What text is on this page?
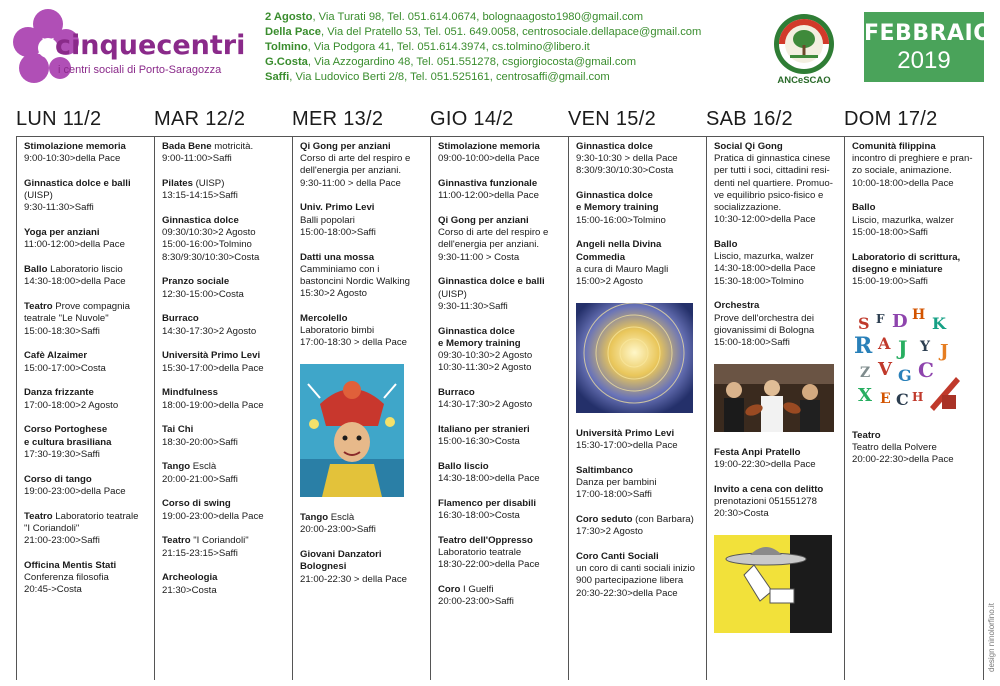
cinquecentri
i centri sociali di Porto-Saragozza
2 Agosto, Via Turati 98, Tel. 051.614.0674, bolognaagosto1980@gmail.com
Della Pace, Via del Pratello 53, Tel. 051. 649.0058, centrosociale.dellapace@gmail.com
Tolmino, Via Podgora 41, Tel. 051.614.3974, cs.tolmino@libero.it
G.Costa, Via Azzogardino 48, Tel. 051.551278, csgiorgiocosta@gmail.com
Saffi, Via Ludovico Berti 2/8, Tel. 051.525161, centrosaffi@gmail.com	ANCeSCAO
FEBBRAIO
2019
LUN 11/2
Stimolazione memoria
9:00-10:30>della Pace
Ginnastica dolce e balli
(UISP)
9:30-11:30>Saffi
Yoga per anziani
11:00-12:00>della Pace
Ballo Laboratorio liscio
14:30-18:00>della Pace
Teatro Prove compagnia
teatrale "Le Nuvole"
15:00-18:30>Saffi
Cafè Alzaimer
15:00-17:00>Costa
Danza frizzante
17:00-18:00>2 Agosto
Corso Portoghese
e cultura brasiliana
17:30-19:30>Saffi
Corso di tango
19:00-23:00>della Pace
Teatro Laboratorio teatrale
"I Coriandoli"
21:00-23:00>Saffi
Officina Mentis Stati
Conferenza filosofia
20:45->Costa
MAR 12/2
Bada Bene motricità.
9:00-11:00>Saffi
Pilates (UISP)
13:15-14:15>Saffi
Ginnastica dolce
09:30/10:30>2 Agosto
15:00-16:00>Tolmino
8:30/9:30/10:30>Costa
Pranzo sociale
12:30-15:00>Costa
Burraco
14:30-17:30>2 Agosto
Università Primo Levi
15:30-17:00>della Pace
Mindfulness
18:00-19:00>della Pace
Tai Chi
18:30-20:00>Saffi
Tango Esclà
20:00-21:00>Saffi
Corso di swing
19:00-23:00>della Pace
Teatro "I Coriandoli"
21:15-23:15>Saffi
Archeologia
21:30>Costa
MER 13/2
Qi Gong per anziani
Corso di arte del respiro e
dell'energia per anziani.
9:30-11:00 > della Pace
Univ. Primo Levi
Balli popolari
15:00-18:00>Saffi
Datti una mossa
Camminiamo con i
bastoncini Nordic Walking
15:30>2 Agosto
Mercolello
Laboratorio bimbi
17:00-18:30 > della Pace
Tango Esclà
20:00-23:00>Saffi
Giovani Danzatori
Bolognesi
21:00-22:30 > della Pace
GIO 14/2
Stimolazione memoria
09:00-10:00>della Pace
Ginnastiva funzionale
11:00-12:00>della Pace
Qi Gong per anziani
Corso di arte del respiro e
dell'energia per anziani.
9:30-11:00 > Costa
Ginnastica dolce e balli
(UISP)
9:30-11:30>Saffi
Ginnastica dolce
e Memory training
09:30-10:30>2 Agosto
10:30-11:30>2 Agosto
Burraco
14:30-17:30>2 Agosto
Italiano per stranieri
15:00-16:30>Costa
Ballo liscio
14:30-18:00>della Pace
Flamenco per disabili
16:30-18:00>Costa
Teatro dell'Oppresso
Laboratorio teatrale
18:30-22:00>della Pace
Coro I Guelfi
20:00-23:00>Saffi
VEN 15/2
Ginnastica dolce
9:30-10:30 > della Pace
8:30/9:30/10:30>Costa
Ginnastica dolce
e Memory training
15:00-16:00>Tolmino
Angeli nella Divina
Commedia
a cura di Mauro Magli
15:00>2 Agosto
Università Primo Levi
15:30-17:00>della Pace
Saltimbanco
Danza per bambini
17:00-18:00>Saffi
Coro seduto (con Barbara)
17:30>2 Agosto
Coro Canti Sociali
un coro di canti sociali inizio
900 partecipazione libera
20:30-22:30>della Pace
SAB 16/2
Social Qi Gong
Pratica di ginnastica cinese
per tutti i soci, cittadini resi-
denti nel quartiere. Promuo-
ve equilibrio psico-fisico e
socializzazione.
10:30-12:00>della Pace
Ballo
Liscio, mazurka, walzer
14:30-18:00>della Pace
15:30-18:00>Tolmino
Orchestra
Prove dell'orchestra dei
giovanissimi di Bologna
15:00-18:00>Saffi
Festa Anpi Pratello
19:00-22:30>della Pace
Invito a cena con delitto
prenotazioni 051551278
20:30>Costa
DOM 17/2
Comunità filippina
incontro di preghiere e pran-
zo sociale, animazione.
10:00-18:00>della Pace
Ballo
Liscio, mazurlka, walzer
15:00-18:00>Saffi
Laboratorio di scrittura,
disegno e miniature
15:00-19:00>Saffi
S F D H K
R A J Y J
Z V G C
X E C H
Teatro
Teatro della Polvere
20:00-22:30>della Pace
design ninolorfino.it
